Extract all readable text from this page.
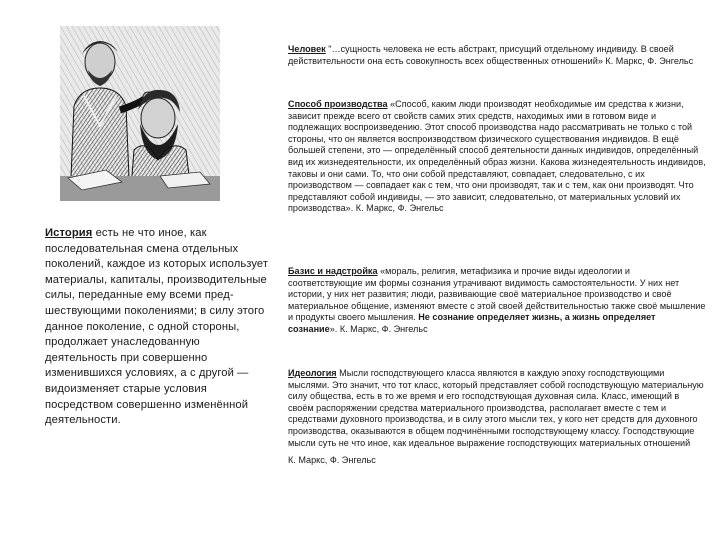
История есть не что иное, как последовательная смена отдельных поколений, каждое из которых использует материалы, капиталы, производительные силы, переданные ему всеми пред-шествующими поколениями; в силу этого данное поколение, с одной стороны, продолжает унаследованную деятельность при совершенно изменившихся условиях, а с другой — видоизменяет старые условия посредством совершенно изменённой деятельности.

Человек "…сущность человека не есть абстракт, присущий отдельному индивиду. В своей действительности она есть совокупность всех общественных отношений» К. Маркс, Ф. Энгельс

Способ производства «Способ, каким люди производят необходимые им средства к жизни, зависит прежде всего от свойств самих этих средств, находимых ими в готовом виде и подлежащих воспроизведению. Этот способ производства надо рассматривать не только с той стороны, что он является воспроизводством физического существования индивидов. В ещё большей степени, это — определённый способ деятельности данных индивидов, определённый вид их жизнедеятельности, их определённый образ жизни. Какова жизнедеятельность индивидов, таковы и они сами. То, что они собой представляют, совпадает, следовательно, с их производством — совпадает как с тем, что они производят, так и с тем, как они производят. Что представляют собой индивиды, — это зависит, следовательно, от материальных условий их производства». К. Маркс, Ф. Энгельс

Базис и надстройка «мораль, религия, метафизика и прочие виды идеологии и соответствующие им формы сознания утрачивают видимость самостоятельности. У них нет истории, у них нет развития; люди, развивающие своё материальное производство и своё материальное общение, изменяют вместе с этой своей действительностью также своё мышление и продукты своего мышления. Не сознание определяет жизнь, а жизнь определяет сознание». К. Маркс, Ф. Энгельс

Идеология Мысли господствующего класса являются в каждую эпоху господствующими мыслями. Это значит, что тот класс, который представляет собой господствующую материальную силу общества, есть в то же время и его господствующая духовная сила. Класс, имеющий в своём распоряжении средства материального производства, располагает вместе с тем и средствами духовного производства, и в силу этого мысли тех, у кого нет средств для духовного производства, оказываются в общем подчинёнными господствующему классу. Господствующие мысли суть не что иное, как идеальное выражение господствующих материальных отношений

К. Маркс, Ф. Энгельс
